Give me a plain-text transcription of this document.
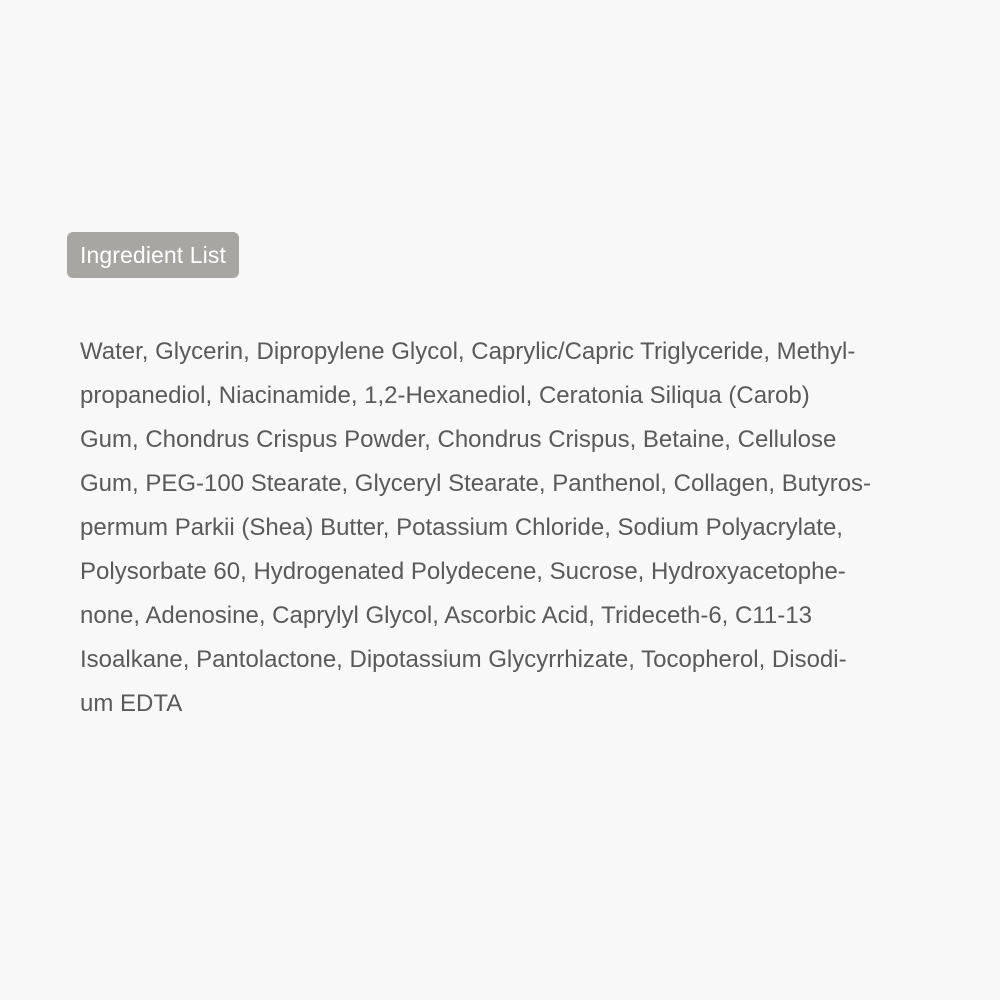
Ingredient List
Water, Glycerin, Dipropylene Glycol, Caprylic/Capric Triglyceride, Methyl-
propanediol, Niacinamide, 1,2-Hexanediol, Ceratonia Siliqua (Carob)
Gum, Chondrus Crispus Powder, Chondrus Crispus, Betaine, Cellulose
Gum, PEG-100 Stearate, Glyceryl Stearate, Panthenol, Collagen, Butyros-
permum Parkii (Shea) Butter, Potassium Chloride, Sodium Polyacrylate,
Polysorbate 60, Hydrogenated Polydecene, Sucrose, Hydroxyacetophe-
none, Adenosine, Caprylyl Glycol, Ascorbic Acid, Trideceth-6, C11-13
Isoalkane, Pantolactone, Dipotassium Glycyrrhizate, Tocopherol, Disodi-
um EDTA
